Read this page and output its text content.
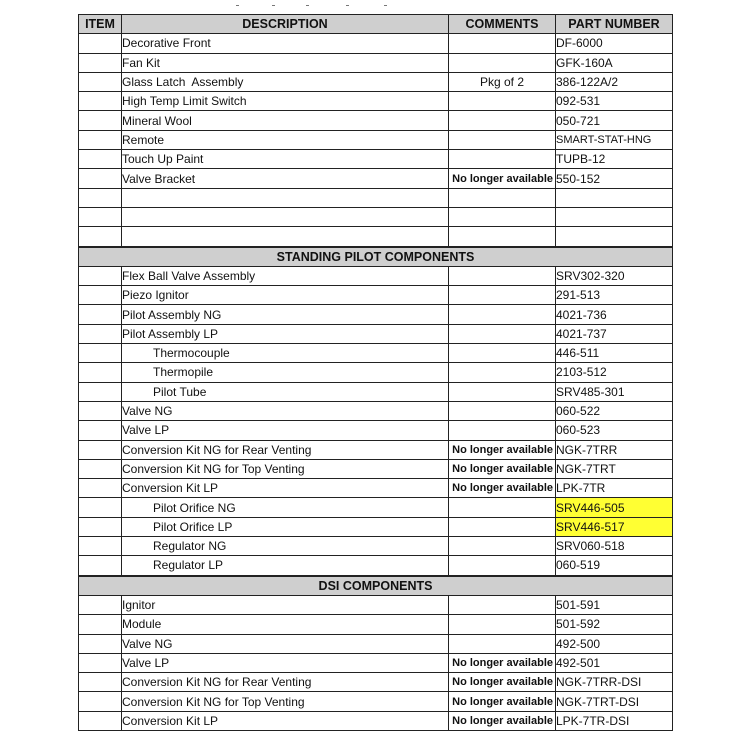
ITEM	DESCRIPTION	COMMENTS	PART NUMBER
	Decorative Front		DF-6000
	Fan Kit		GFK-160A
	Glass Latch  Assembly	Pkg of 2	386-122A/2
	High Temp Limit Switch		092-531
	Mineral Wool		050-721
	Remote		SMART-STAT-HNG
	Touch Up Paint		TUPB-12
	Valve Bracket	No longer available	550-152

STANDING PILOT COMPONENTS			
	Flex Ball Valve Assembly		SRV302-320
	Piezo Ignitor		291-513
	Pilot Assembly NG		4021-736
	Pilot Assembly LP		4021-737
	Thermocouple		446-511
	Thermopile		2103-512
	Pilot Tube		SRV485-301
	Valve NG		060-522
	Valve LP		060-523
	Conversion Kit NG for Rear Venting	No longer available	NGK-7TRR
	Conversion Kit NG for Top Venting	No longer available	NGK-7TRT
	Conversion Kit LP	No longer available	LPK-7TR
	Pilot Orifice NG		SRV446-505
	Pilot Orifice LP		SRV446-517
	Regulator NG		SRV060-518
	Regulator LP		060-519
DSI COMPONENTS			
	Ignitor		501-591
	Module		501-592
	Valve NG		492-500
	Valve LP	No longer available	492-501
	Conversion Kit NG for Rear Venting	No longer available	NGK-7TRR-DSI
	Conversion Kit NG for Top Venting	No longer available	NGK-7TRT-DSI
	Conversion Kit LP	No longer available	LPK-7TR-DSI
